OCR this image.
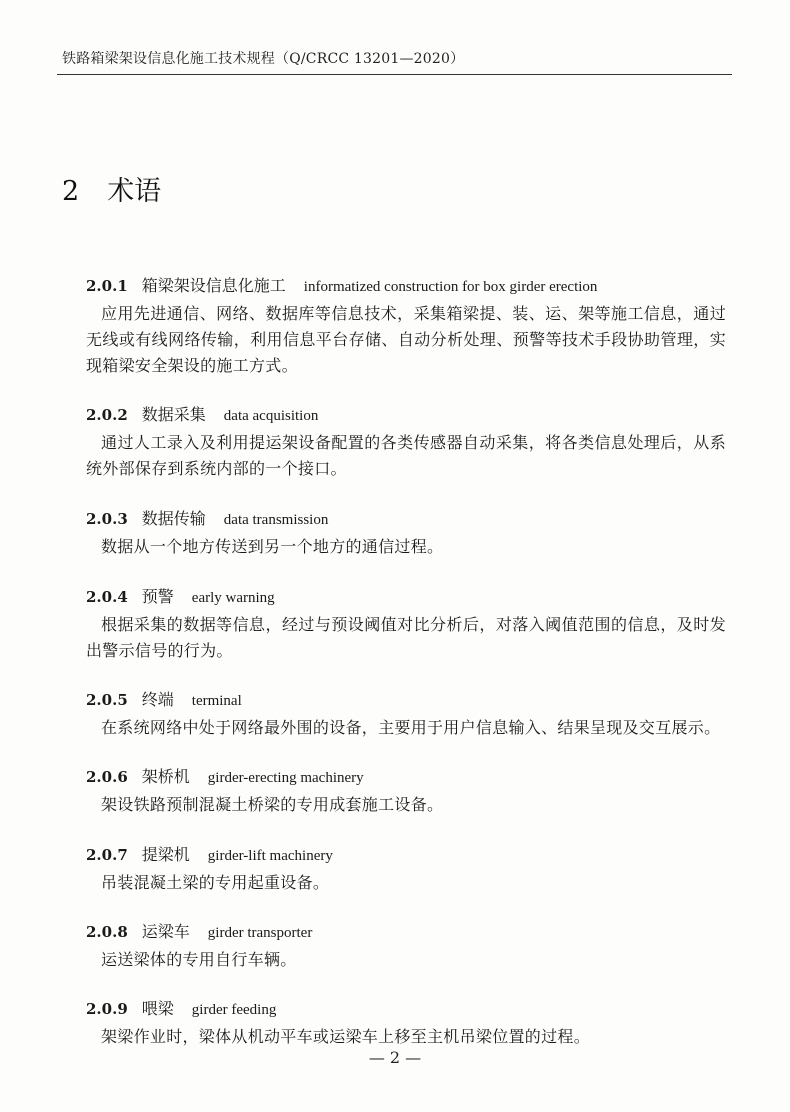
铁路箱梁架设信息化施工技术规程（Q/CRCC 13201—2020）
2 术语
2.0.1 箱梁架设信息化施工 informatized construction for box girder erection
应用先进通信、网络、数据库等信息技术，采集箱梁提、装、运、架等施工信息，通过无线或有线网络传输，利用信息平台存储、自动分析处理、预警等技术手段协助管理，实现箱梁安全架设的施工方式。
2.0.2 数据采集 data acquisition
通过人工录入及利用提运架设备配置的各类传感器自动采集，将各类信息处理后，从系统外部保存到系统内部的一个接口。
2.0.3 数据传输 data transmission
数据从一个地方传送到另一个地方的通信过程。
2.0.4 预警 early warning
根据采集的数据等信息，经过与预设阈值对比分析后，对落入阈值范围的信息，及时发出警示信号的行为。
2.0.5 终端 terminal
在系统网络中处于网络最外围的设备，主要用于用户信息输入、结果呈现及交互展示。
2.0.6 架桥机 girder-erecting machinery
架设铁路预制混凝土桥梁的专用成套施工设备。
2.0.7 提梁机 girder-lift machinery
吊装混凝土梁的专用起重设备。
2.0.8 运梁车 girder transporter
运送梁体的专用自行车辆。
2.0.9 喂梁 girder feeding
架梁作业时，梁体从机动平车或运梁车上移至主机吊梁位置的过程。
— 2 —
